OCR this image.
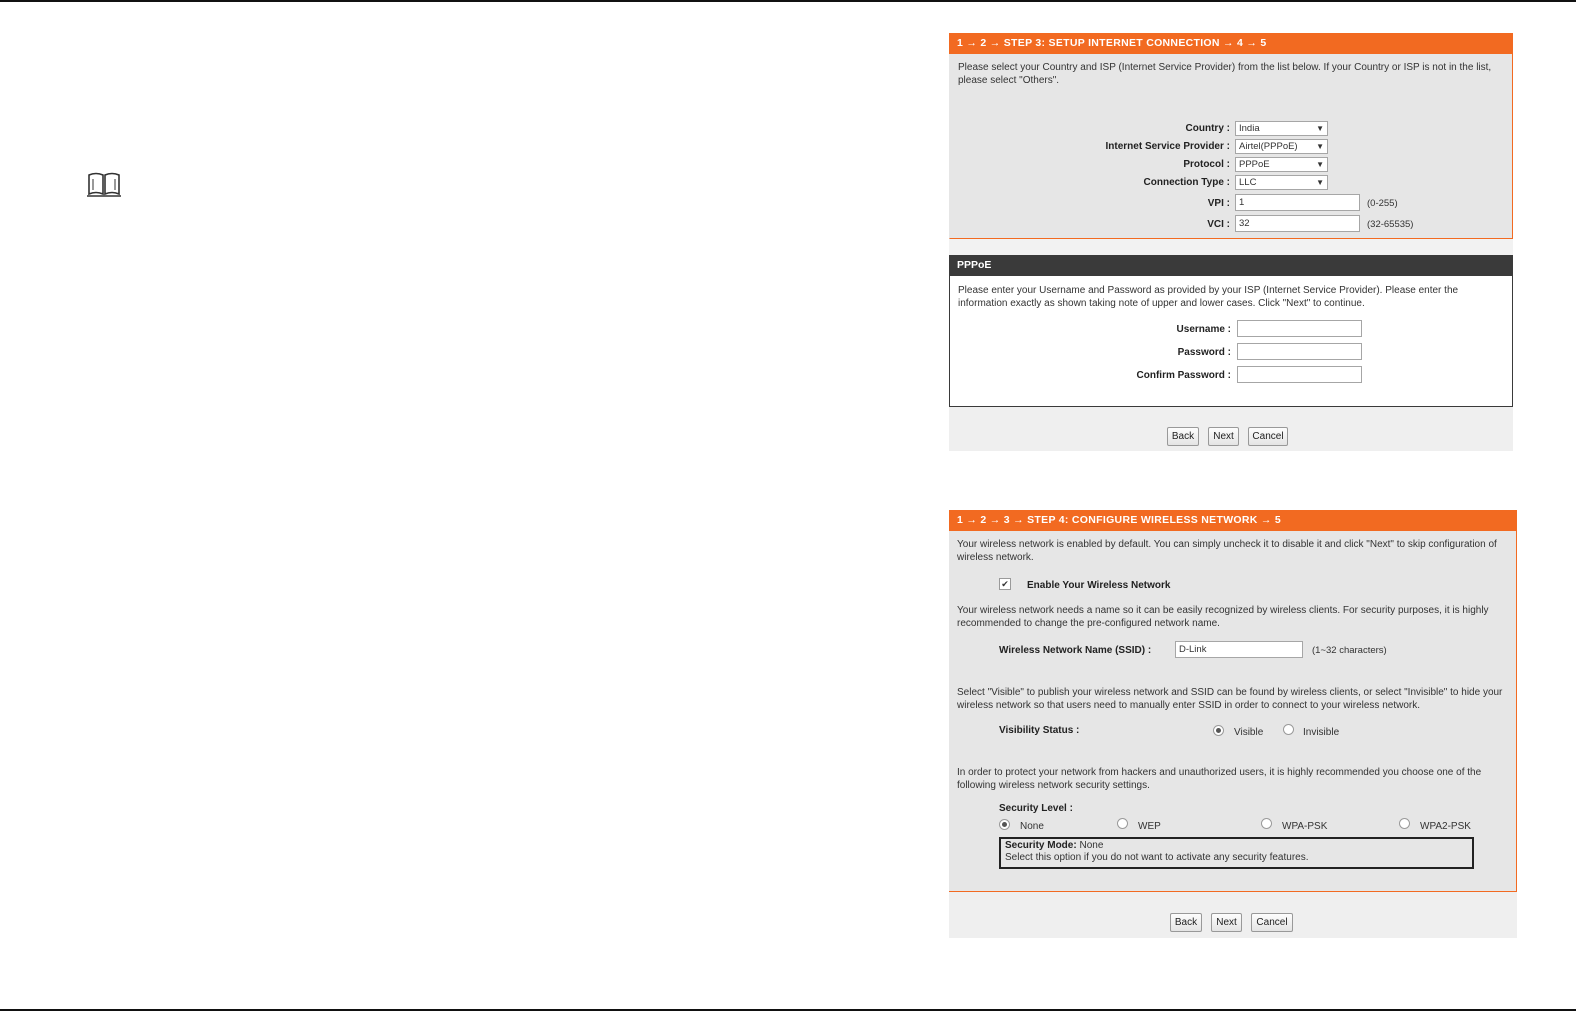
1 → 2 → STEP 3: SETUP INTERNET CONNECTION → 4 → 5
Please select your Country and ISP (Internet Service Provider) from the list below. If your Country or ISP is not in the list, please select "Others".
Country : India	▼
Internet Service Provider : Airtel(PPPoE) ▼
Protocol : PPPoE	▼
Connection Type : LLC	▼
VPI : 1	(0-255)
VCI : 32	(32-65535)
PPPoE
Please enter your Username and Password as provided by your ISP (Internet Service Provider). Please enter the information exactly as shown taking note of upper and lower cases. Click "Next" to continue.
Username :
Password :
Confirm Password :
Back	Next	Cancel
1 → 2 → 3 → STEP 4: CONFIGURE WIRELESS NETWORK → 5
Your wireless network is enabled by default. You can simply uncheck it to disable it and click "Next" to skip configuration of wireless network.
✔ Enable Your Wireless Network
Your wireless network needs a name so it can be easily recognized by wireless clients. For security purposes, it is highly recommended to change the pre-configured network name.
Wireless Network Name (SSID) :	D-Link	(1~32 characters)
Select "Visible" to publish your wireless network and SSID can be found by wireless clients, or select "Invisible" to hide your wireless network so that users need to manually enter SSID in order to connect to your wireless network.
Visibility Status :	Visible	Invisible
In order to protect your network from hackers and unauthorized users, it is highly recommended you choose one of the following wireless network security settings.
Security Level :
None	WEP	WPA-PSK	WPA2-PSK
Security Mode: None
Select this option if you do not want to activate any security features.
Back	Next	Cancel
